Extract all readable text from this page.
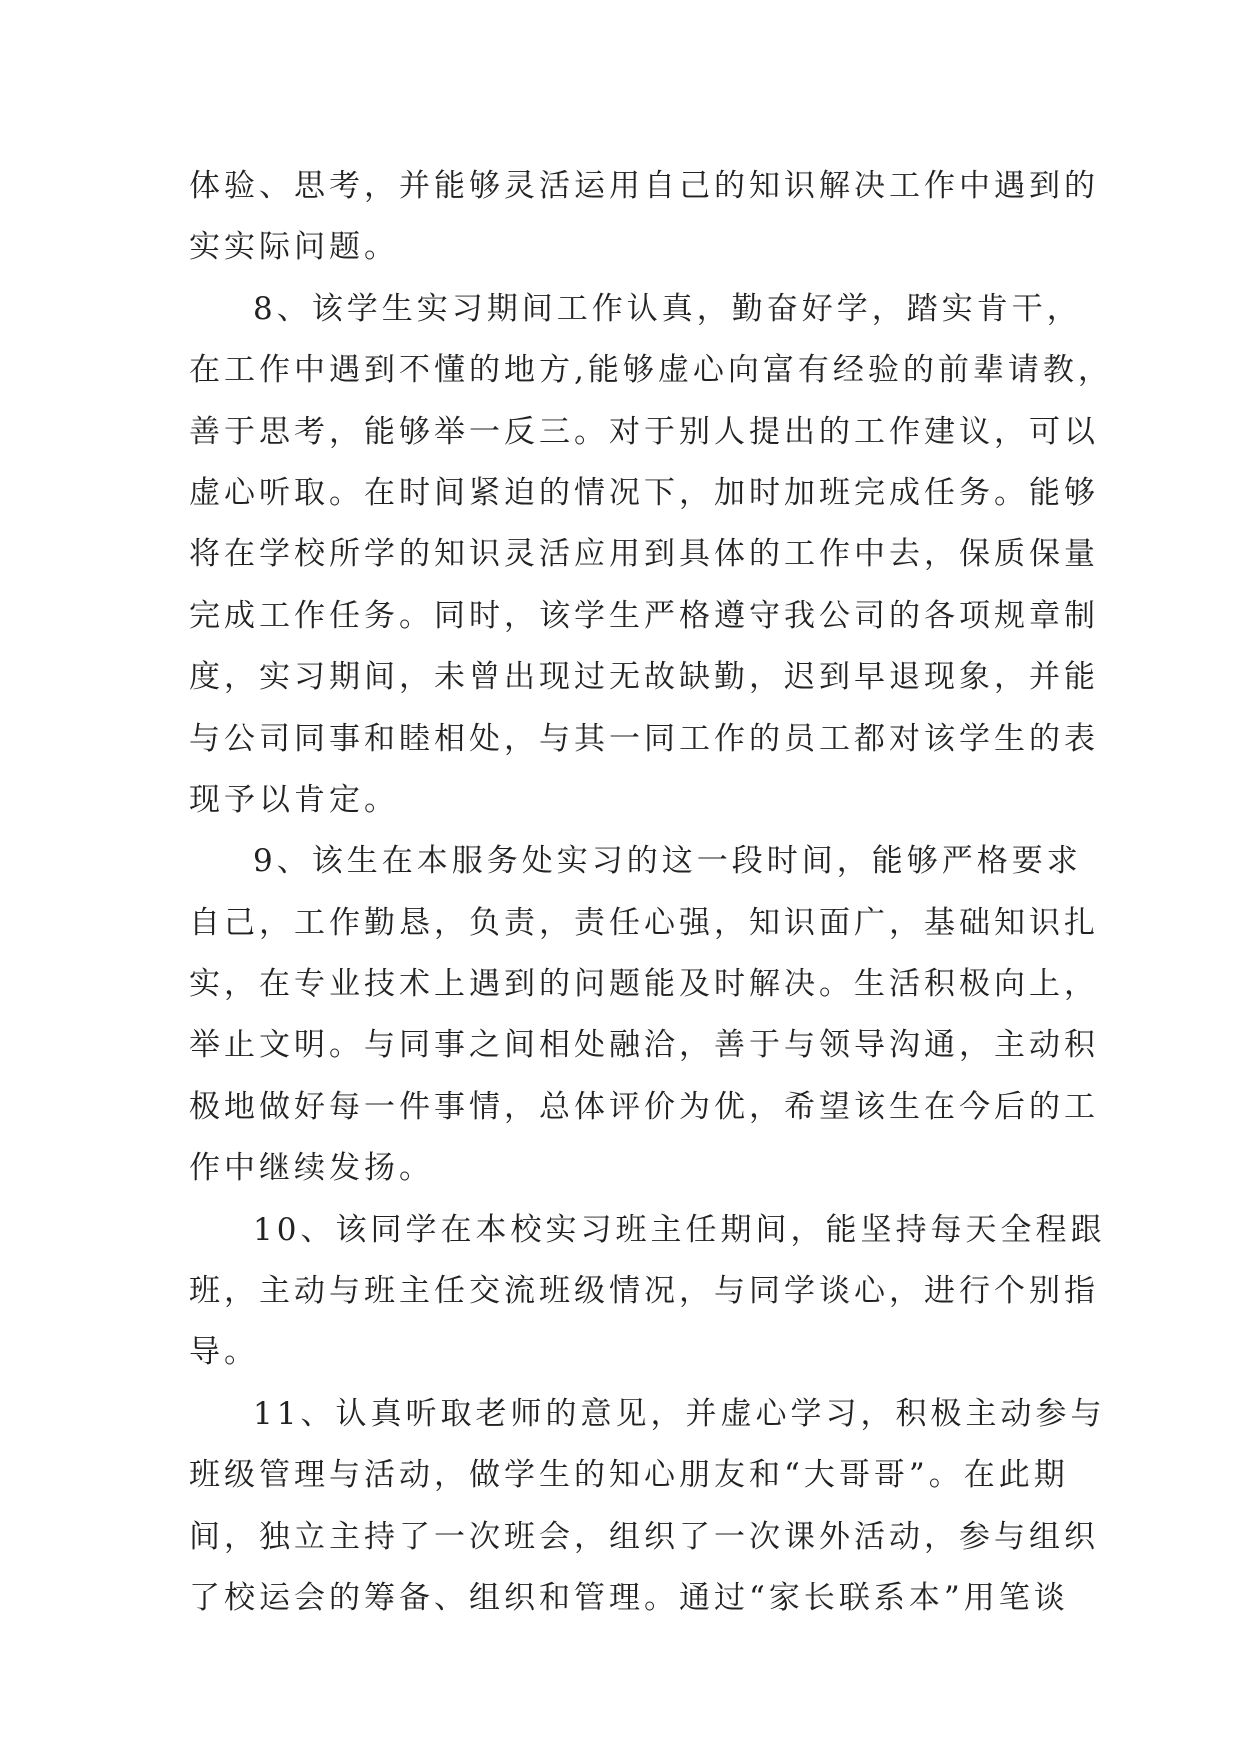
体验、思考，并能够灵活运用自己的知识解决工作中遇到的
实实际问题。
8、该学生实习期间工作认真，勤奋好学，踏实肯干，
在工作中遇到不懂的地方,能够虚心向富有经验的前辈请教，
善于思考，能够举一反三。对于别人提出的工作建议，可以
虚心听取。在时间紧迫的情况下，加时加班完成任务。能够
将在学校所学的知识灵活应用到具体的工作中去，保质保量
完成工作任务。同时，该学生严格遵守我公司的各项规章制
度，实习期间，未曾出现过无故缺勤，迟到早退现象，并能
与公司同事和睦相处，与其一同工作的员工都对该学生的表
现予以肯定。
9、该生在本服务处实习的这一段时间，能够严格要求
自己，工作勤恳，负责，责任心强，知识面广，基础知识扎
实，在专业技术上遇到的问题能及时解决。生活积极向上，
举止文明。与同事之间相处融洽，善于与领导沟通，主动积
极地做好每一件事情，总体评价为优，希望该生在今后的工
作中继续发扬。
10、该同学在本校实习班主任期间，能坚持每天全程跟
班，主动与班主任交流班级情况，与同学谈心，进行个别指
导。
11、认真听取老师的意见，并虚心学习，积极主动参与
班级管理与活动，做学生的知心朋友和“大哥哥”。在此期
间，独立主持了一次班会，组织了一次课外活动，参与组织
了校运会的筹备、组织和管理。通过“家长联系本”用笔谈
